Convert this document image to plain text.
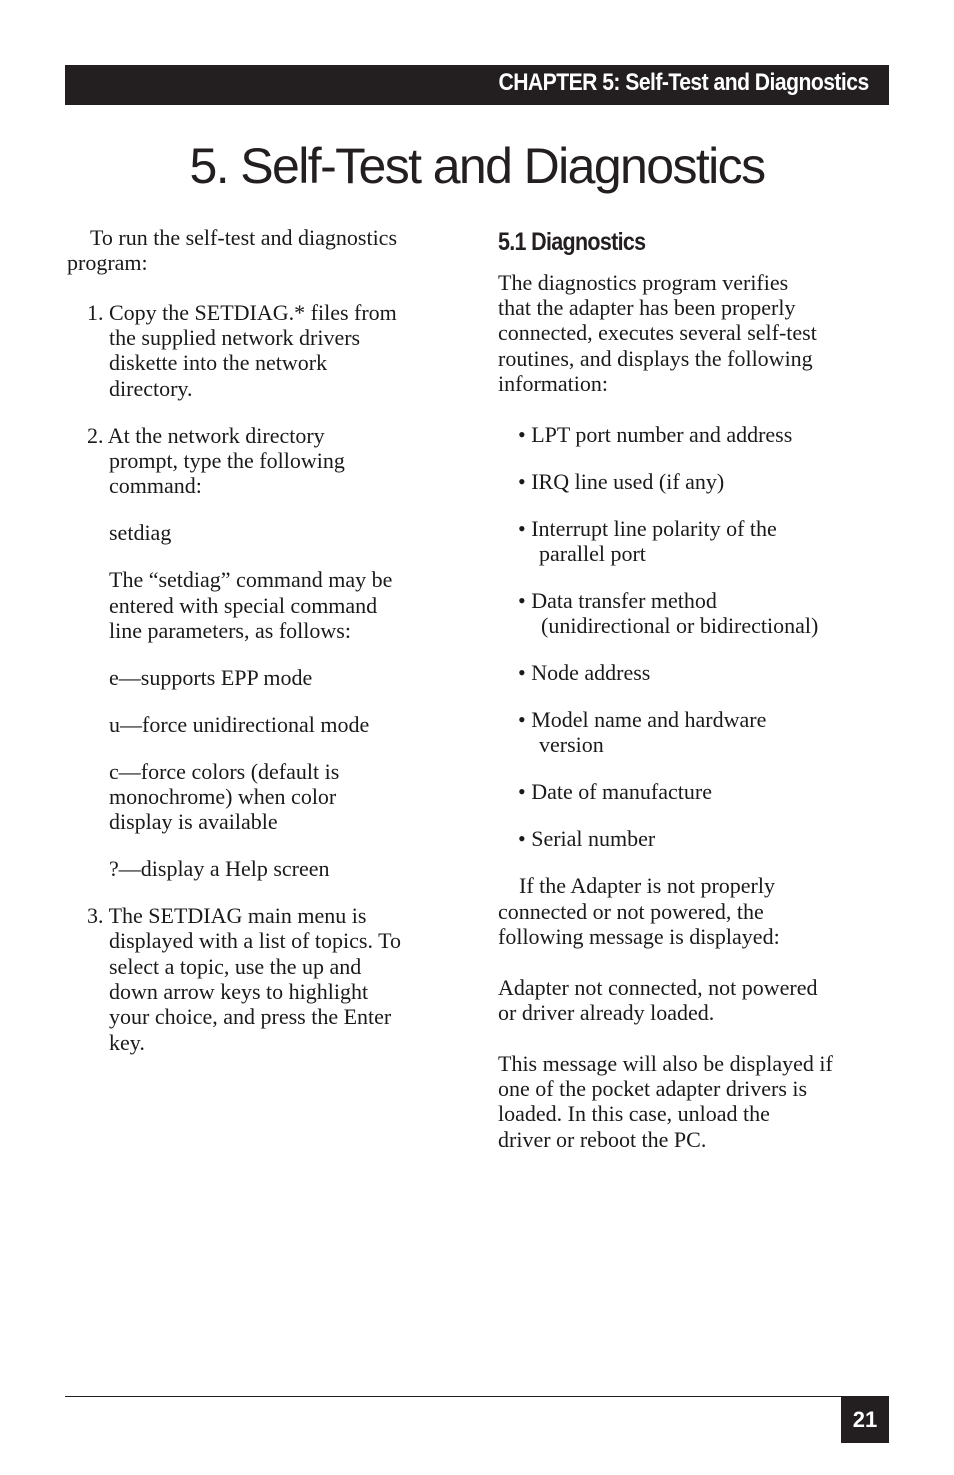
CHAPTER 5: Self-Test and Diagnostics
5. Self-Test and Diagnostics

To run the self-test and diagnostics

program:

1. Copy the SETDIAG.* files from

the supplied network drivers

diskette into the network

directory.

2. At the network directory

prompt, type the following

command:

setdiag

The “setdiag” command may be

entered with special command

line parameters, as follows:

e—supports EPP mode

u—force unidirectional mode

c—force colors (default is

monochrome) when color

display is available

?—display a Help screen

3. The SETDIAG main menu is

displayed with a list of topics. To

select a topic, use the up and

down arrow keys to highlight

your choice, and press the Enter

key.

5.1 Diagnostics

The diagnostics program verifies

that the adapter has been properly

connected, executes several self-test

routines, and displays the following

information:

• LPT port number and address

• IRQ line used (if any)

• Interrupt line polarity of the

parallel port

• Data transfer method

(unidirectional or bidirectional)

• Node address

• Model name and hardware

version

• Date of manufacture

• Serial number

If the Adapter is not properly

connected or not powered, the

following message is displayed:

Adapter not connected, not powered

or driver already loaded.

This message will also be displayed if

one of the pocket adapter drivers is

loaded. In this case, unload the

driver or reboot the PC.

21
